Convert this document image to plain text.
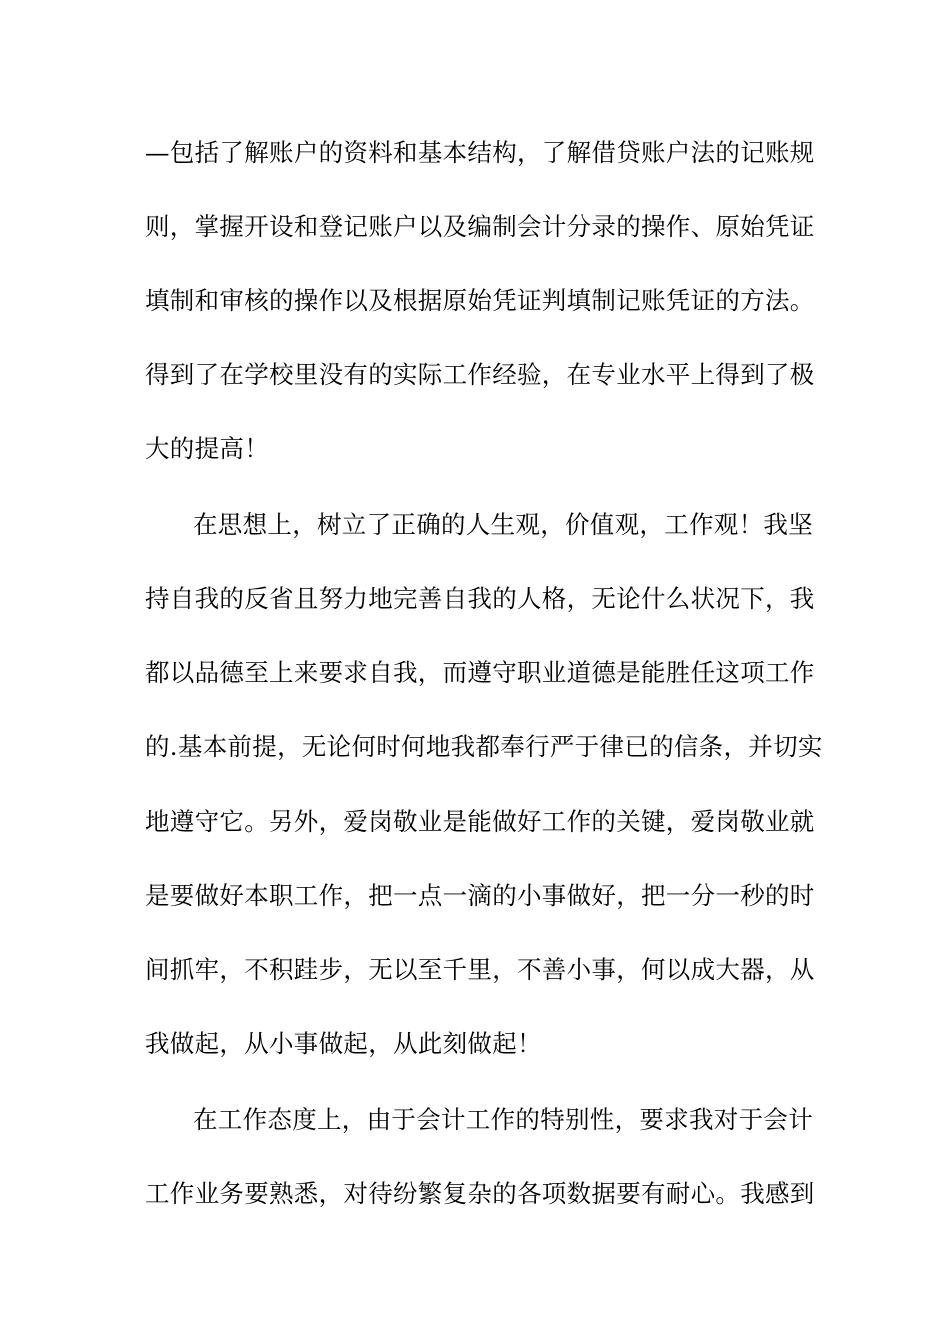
—包括了解账户的资料和基本结构，了解借贷账户法的记账规
则，掌握开设和登记账户以及编制会计分录的操作、原始凭证
填制和审核的操作以及根据原始凭证判填制记账凭证的方法。
得到了在学校里没有的实际工作经验，在专业水平上得到了极
大的提高！
在思想上，树立了正确的人生观，价值观，工作观！我坚
持自我的反省且努力地完善自我的人格，无论什么状况下，我
都以品德至上来要求自我，而遵守职业道德是能胜任这项工作
的.基本前提，无论何时何地我都奉行严于律已的信条，并切实
地遵守它。另外，爱岗敬业是能做好工作的关键，爱岗敬业就
是要做好本职工作，把一点一滴的小事做好，把一分一秒的时
间抓牢，不积跬步，无以至千里，不善小事，何以成大器，从
我做起，从小事做起，从此刻做起！
在工作态度上，由于会计工作的特别性，要求我对于会计
工作业务要熟悉，对待纷繁复杂的各项数据要有耐心。我感到
